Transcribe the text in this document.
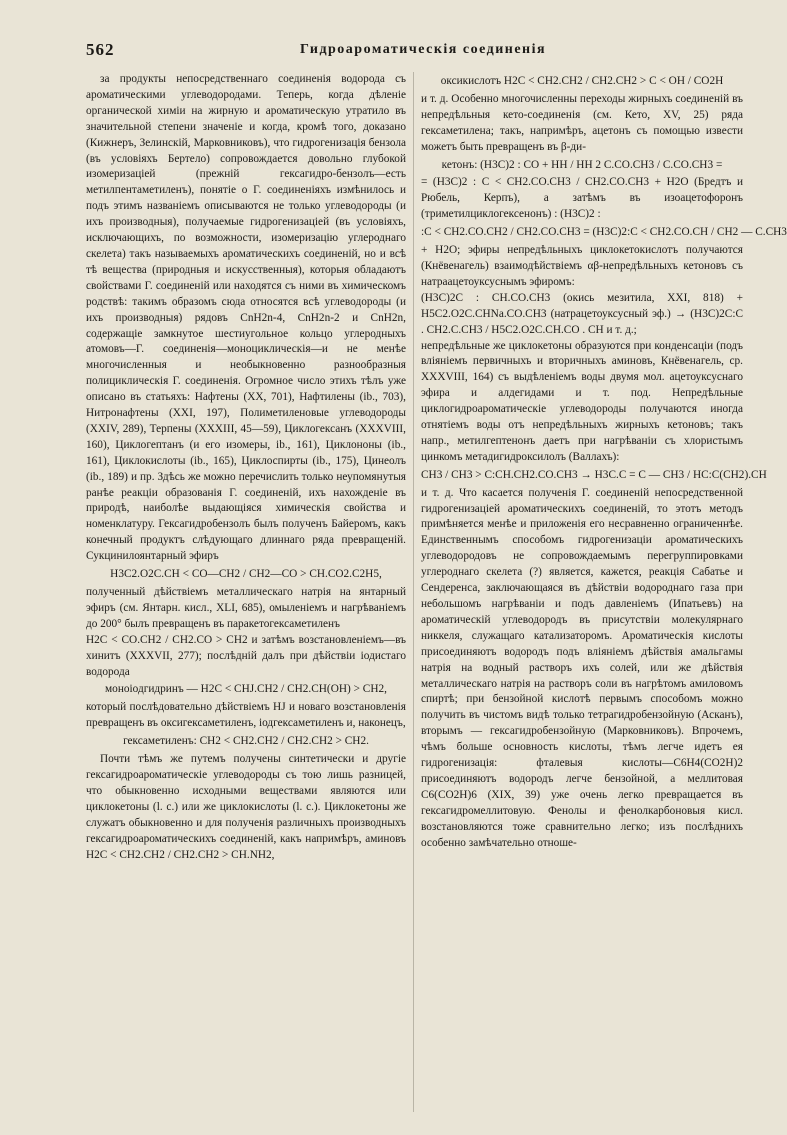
562	Гидроароматическія соединенія

за продукты непосредственнаго соединенія водорода съ ароматическими углеводородами. Теперь, когда дѣленіе органической химіи на жирную и ароматическую утратило въ значительной степени значеніе и когда, кромѣ того, доказано (Кижнеръ, Зелинскій, Марковниковъ), что гидрогенизація бензола (въ условіяхъ Бертело) сопровождается довольно глубокой изомеризаціей (прежній гексагидро-бензолъ—есть метилпентаметиленъ), понятіе о Г. соединеніяхъ измѣнилось и подъ этимъ названіемъ описываются не только углеводороды (и ихъ производныя), получаемые гидрогенизаціей (въ условіяхъ, исключающихъ, по возможности, изомеризацію углероднаго скелета) такъ называемыхъ ароматическихъ соединеній, но и всѣ тѣ вещества (природныя и искусственныя), которыя обладаютъ свойствами Г. соединеній или находятся съ ними въ химическомъ родствѣ: такимъ образомъ сюда относятся всѣ углеводороды (и ихъ производныя) рядовъ CnH2n-4, CnH2n-2 и CnH2n, содержащіе замкнутое шестиугольное кольцо углеродныхъ атомовъ—Г. соединенія—моноциклическія—и не менѣе многочисленныя и необыкновенно разнообразныя полициклическія Г. соединенія. Огромное число этихъ тѣлъ уже описано въ статьяхъ: Нафтены (XX, 701), Нафтилены (ib., 703), Нитронафтены (XXI, 197), Полиметиленовые углеводороды (XXIV, 289), Терпены (XXXIII, 45—59), Циклогексанъ (XXXVIII, 160), Циклогептанъ (и его изомеры, ib., 161), Циклононы (ib., 161), Циклокислоты (ib., 165), Циклоспирты (ib., 175), Цинеолъ (ib., 189) и пр. Здѣсь же можно перечислить только неупомянутыя ранѣе реакціи образованія Г. соединеній, ихъ нахожденіе въ природѣ, наиболѣе выдающіяся химическія свойства и номенклатуру. Гексагидробензолъ былъ полученъ Байеромъ, какъ конечный продуктъ слѣдующаго длиннаго ряда превращеній. Сукцинилоянтарный эфиръ

H3C2.O2C.CH < CO—CH2 / CH2—CO > CH.CO2.C2H5,

полученный дѣйствіемъ металлическаго натрія на янтарный эфиръ (см. Янтарн. кисл., XLI, 685), омыленіемъ и нагрѣваніемъ до 200° былъ превращенъ въ паракетогексаметиленъ

H2C < CO.CH2 / CH2.CO > CH2 и затѣмъ возстановленіемъ—въ хинитъ (XXXVII, 277); послѣдній далъ при дѣйствіи іодистаго водорода

моноіодгидринъ — H2C < CHJ.CH2 / CH2.CH(OH) > CH2,

который послѣдовательно дѣйствіемъ HJ и новаго возстановленія превращенъ въ оксигексаметиленъ, іодгексаметиленъ и, наконецъ,

гексаметиленъ: CH2 < CH2.CH2 / CH2.CH2 > CH2.

Почти тѣмъ же путемъ получены синтетически и другіе гексагидроароматическіе углеводороды съ тою лишь разницей, что обыкновенно исходными веществами являются или циклокетоны (l. c.) или же циклокислоты (l. c.). Циклокетоны же служатъ обыкновенно и для полученія различныхъ производныхъ гексагидроароматическихъ соединеній, какъ напримѣръ, аминовъ H2C < CH2.CH2 / CH2.CH2 > CH.NH2,

оксикислотъ H2C < CH2.CH2 / CH2.CH2 > C < OH / CO2H

и т. д. Особенно многочисленны переходы жирныхъ соединеній въ непредѣльныя кето-соединенія (см. Кето, XV, 25) ряда гексаметилена; такъ, напримѣръ, ацетонъ съ помощью извести можетъ быть превращенъ въ β-ди-

кетонъ: (H3C)2 : CO + HH / HH 2 C.CO.CH3 / C.CO.CH3 =

= (H3C)2 : C < CH2.CO.CH3 / CH2.CO.CH3 + H2O (Бредтъ и Рюбель, Керпъ), а затѣмъ въ изоацетофоронъ (триметилциклогексенонъ) : (H3C)2 :

:C < CH2.CO.CH2 / CH2.CO.CH3 = (H3C)2:C < CH2.CO.CH / CH2 — C.CH3

+ H2O; эфиры непредѣльныхъ циклокетокислотъ получаются (Кнёвенагель) взаимодѣйствіемъ αβ-непредѣльныхъ кетоновъ съ натраацетоуксуснымъ эфиромъ:

(H3C)2C : CH.CO.CH3 (окись мезитила, XXI, 818) + H5C2.O2C.CHNa.CO.CH3 (натрацетоуксусный эф.) → (H3C)2C:C . CH2.C.CH3 / H5C2.O2C.CH.CO . CH и т. д.;

непредѣльные же циклокетоны образуются при конденсаціи (подъ вліяніемъ первичныхъ и вторичныхъ аминовъ, Кнёвенагель, ср. XXXVIII, 164) съ выдѣленіемъ воды двумя мол. ацетоуксуснаго эфира и алдегидами и т. под. Непредѣльные циклогидроароматическіе углеводороды получаются иногда отнятіемъ воды отъ непредѣльныхъ жирныхъ кетоновъ; такъ напр., метилгептенонъ даетъ при нагрѣваніи съ хлористымъ цинкомъ метадигидроксилолъ (Валлахъ):

CH3 / CH3 > C:CH.CH2.CO.CH3 → H3C.C = C — CH3 / HC:C(CH2).CH

и т. д. Что касается полученія Г. соединеній непосредственной гидрогенизаціей ароматическихъ соединеній, то этотъ методъ примѣняется менѣе и приложенія его несравненно ограниченнѣе. Единственнымъ способомъ гидрогенизаціи ароматическихъ углеводородовъ не сопровождаемымъ перегруппировками углероднаго скелета (?) является, кажется, реакція Сабатье и Сендеренса, заключающаяся въ дѣйствіи водороднаго газа при небольшомъ нагрѣваніи и подъ давленіемъ (Ипатьевъ) на ароматическій углеводородъ въ присутствіи молекулярнаго никкеля, служащаго катализаторомъ. Ароматическія кислоты присоединяютъ водородъ подъ вліяніемъ дѣйствія амальгамы натрія на водный растворъ ихъ солей, или же дѣйствія металлическаго натрія на растворъ соли въ нагрѣтомъ амиловомъ спиртѣ; при бензойной кислотѣ первымъ способомъ можно получить въ чистомъ видѣ только тетрагидробензойную (Асканъ), вторымъ — гексагидробензойную (Марковниковъ). Впрочемъ, чѣмъ больше основность кислоты, тѣмъ легче идетъ ея гидрогенизація: фталевыя кислоты—C6H4(CO2H)2 присоединяютъ водородъ легче бензойной, а меллитовая C6(CO2H)6 (XIX, 39) уже очень легко превращается въ гексагидромеллитовую. Фенолы и фенолкарбоновыя кисл. возстановляются тоже сравнительно легко; изъ послѣднихъ особенно замѣчательно отноше-
